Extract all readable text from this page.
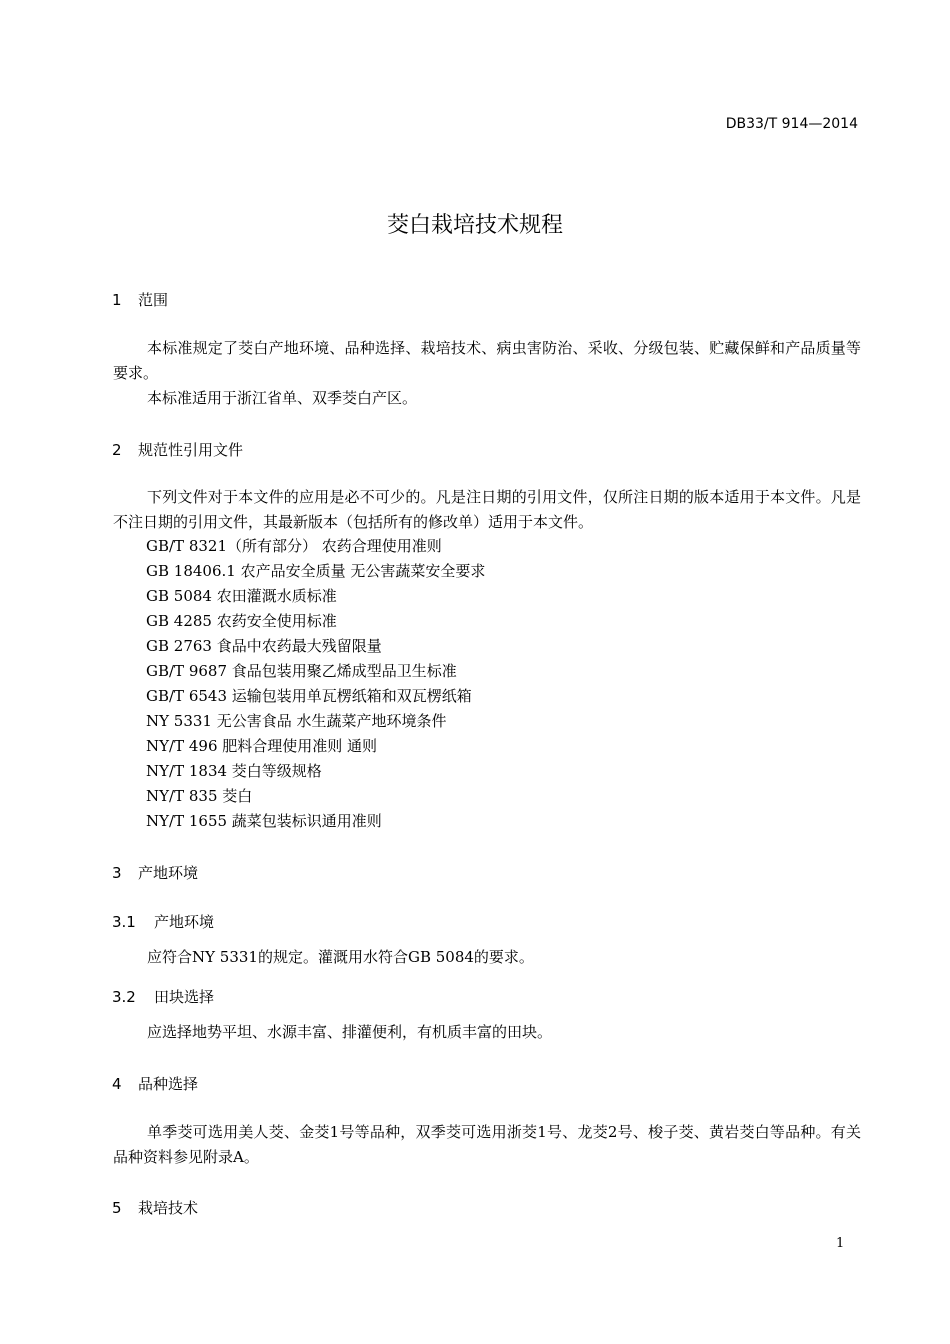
DB33/T 914—2014
茭白栽培技术规程
1 范围
本标准规定了茭白产地环境、品种选择、栽培技术、病虫害防治、采收、分级包装、贮藏保鲜和产品质量等要求。
本标准适用于浙江省单、双季茭白产区。
2 规范性引用文件
下列文件对于本文件的应用是必不可少的。凡是注日期的引用文件，仅所注日期的版本适用于本文件。凡是不注日期的引用文件，其最新版本（包括所有的修改单）适用于本文件。
GB/T 8321（所有部分） 农药合理使用准则
GB 18406.1 农产品安全质量 无公害蔬菜安全要求
GB 5084 农田灌溉水质标准
GB 4285 农药安全使用标准
GB 2763 食品中农药最大残留限量
GB/T 9687 食品包装用聚乙烯成型品卫生标准
GB/T 6543 运输包装用单瓦楞纸箱和双瓦楞纸箱
NY 5331 无公害食品 水生蔬菜产地环境条件
NY/T 496 肥料合理使用准则 通则
NY/T 1834 茭白等级规格
NY/T 835 茭白
NY/T 1655 蔬菜包装标识通用准则
3 产地环境
3.1 产地环境
应符合NY 5331的规定。灌溉用水符合GB 5084的要求。
3.2 田块选择
应选择地势平坦、水源丰富、排灌便利，有机质丰富的田块。
4 品种选择
单季茭可选用美人茭、金茭1号等品种，双季茭可选用浙茭1号、龙茭2号、梭子茭、黄岩茭白等品种。有关品种资料参见附录A。
5 栽培技术
1
